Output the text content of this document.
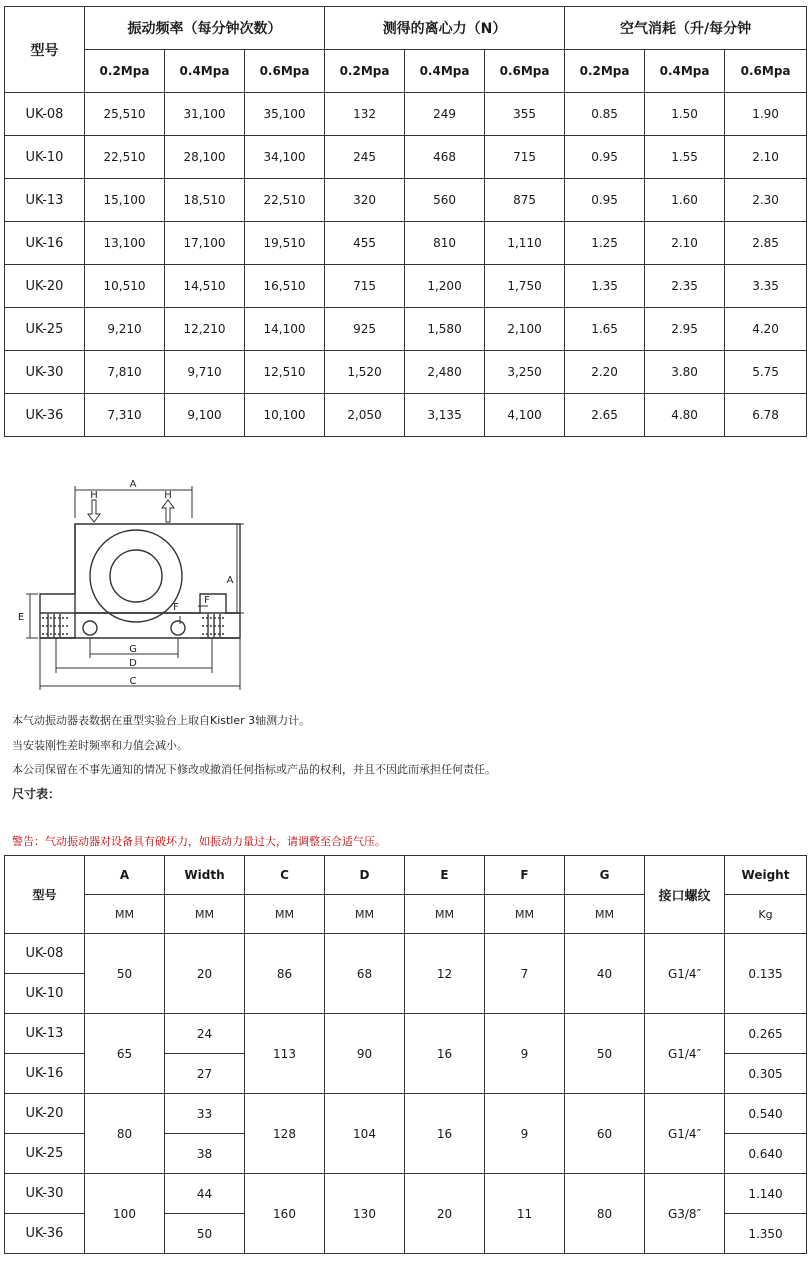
型号	振动频率（每分钟次数）			测得的离心力（N）			空气消耗（升/每分钟		
	0.2Mpa	0.4Mpa	0.6Mpa	0.2Mpa	0.4Mpa	0.6Mpa	0.2Mpa	0.4Mpa	0.6Mpa
UK-08	25,510	31,100	35,100	132	249	355	0.85	1.50	1.90
UK-10	22,510	28,100	34,100	245	468	715	0.95	1.55	2.10
UK-13	15,100	18,510	22,510	320	560	875	0.95	1.60	2.30
UK-16	13,100	17,100	19,510	455	810	1,110	1.25	2.10	2.85
UK-20	10,510	14,510	16,510	715	1,200	1,750	1.35	2.35	3.35
UK-25	9,210	12,210	14,100	925	1,580	2,100	1.65	2.95	4.20
UK-30	7,810	9,710	12,510	1,520	2,480	3,250	2.20	3.80	5.75
UK-36	7,310	9,100	10,100	2,050	3,135	4,100	2.65	4.80	6.78
A
H	H
A
E
F
F
G
D
C
本气动振动器表数据在重型实验台上取自Kistler 3轴测力计。
当安装刚性差时频率和力值会减小。
本公司保留在不事先通知的情况下修改或撤消任何指标或产品的权利，并且不因此而承担任何责任。
尺寸表：
警告：气动振动器对设备具有破坏力，如振动力量过大，请调整至合适气压。
型号	A	Width	C	D	E	F	G	接口螺纹	Weight
	MM	MM	MM	MM	MM	MM	MM		Kg
UK-08	50	20	86	68	12	7	40	G1/4″	0.135
UK-10									
UK-13	65	24	113	90	16	9	50	G1/4″	0.265
UK-16		27							0.305
UK-20	80	33	128	104	16	9	60	G1/4″	0.540
UK-25		38							0.640
UK-30	100	44	160	130	20	11	80	G3/8″	1.140
UK-36		50							1.350
